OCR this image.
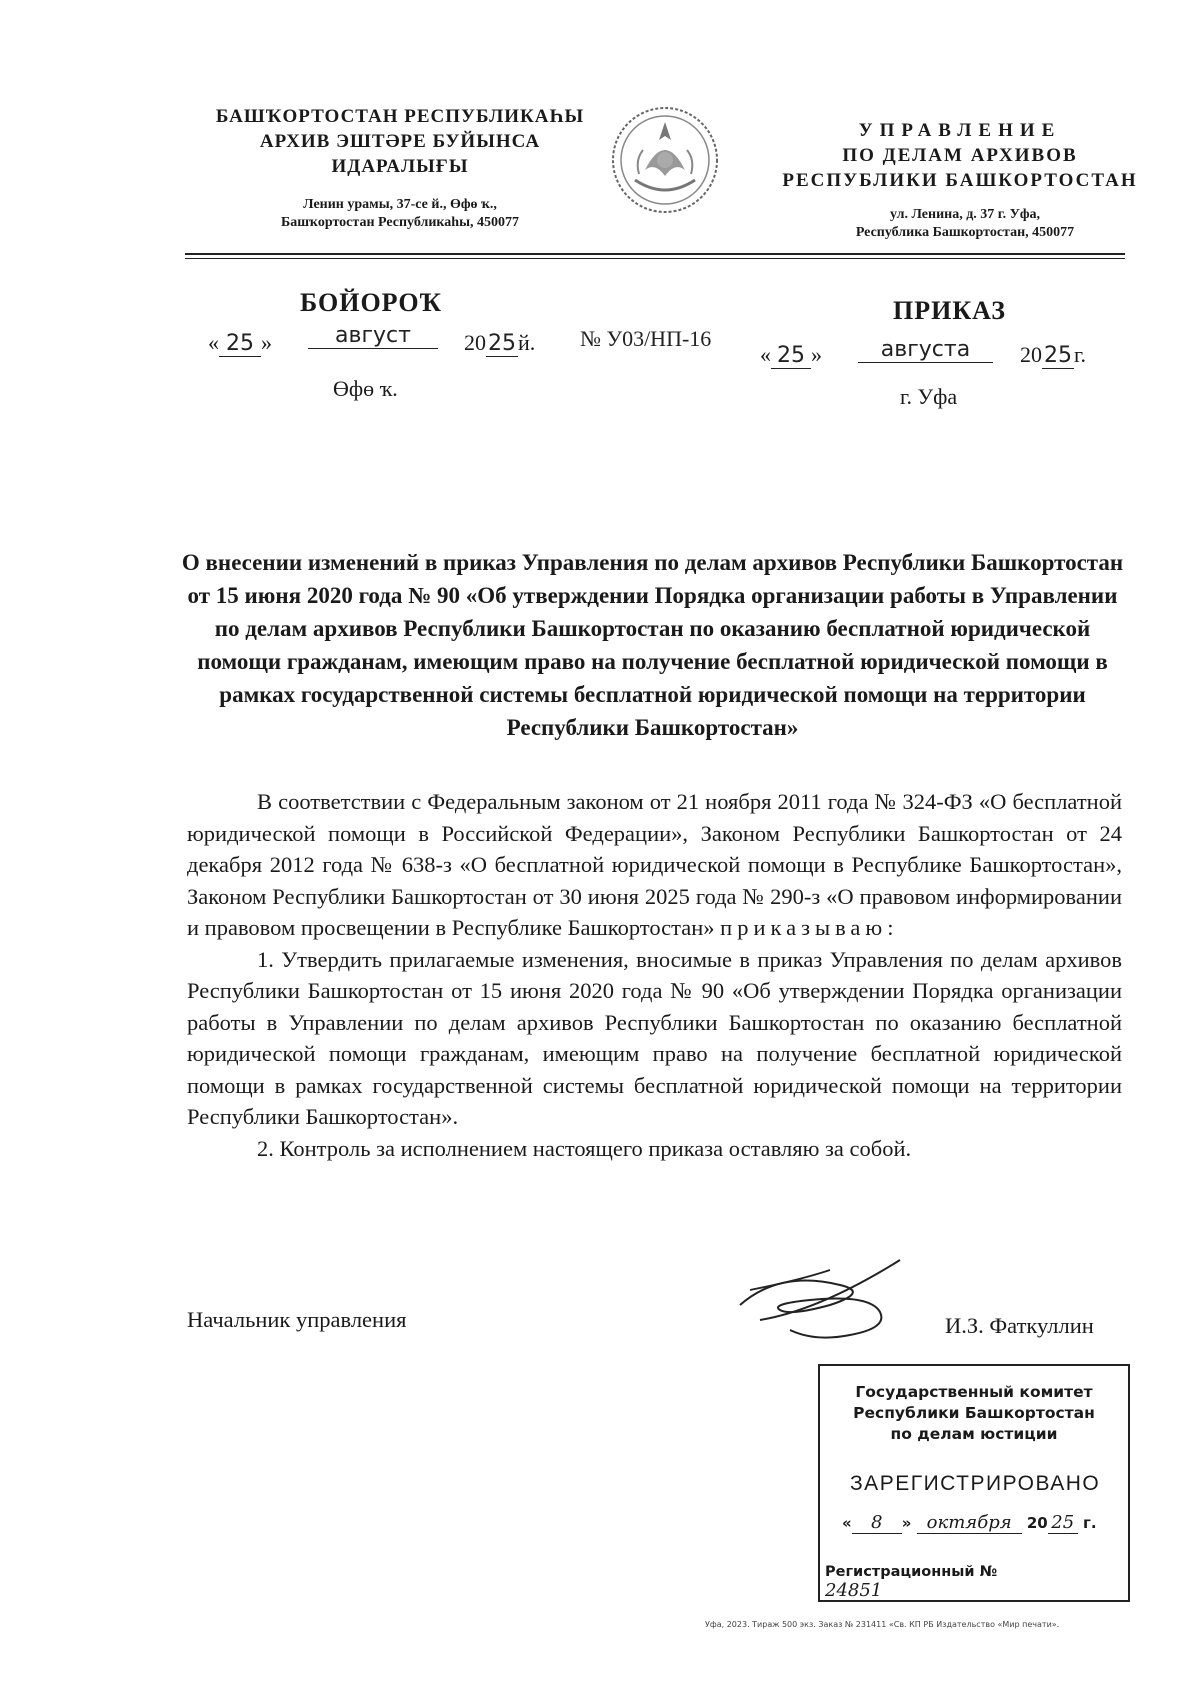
БАШҠОРТОСТАН РЕСПУБЛИКАҺЫ
АРХИВ ЭШТӘРЕ БУЙЫНСА
ИДАРАЛЫҒЫ
Ленин урамы, 37-се й., Өфө ҡ.,
Башҡортостан Республикаһы, 450077
УПРАВЛЕНИЕ
ПО ДЕЛАМ АРХИВОВ
РЕСПУБЛИКИ БАШКОРТОСТАН
ул. Ленина, д. 37 г. Уфа,
Республика Башкортостан, 450077
БОЙОРОҠ
« 25 »	август	2025й.
Өфө ҡ.
№ У03/НП-16
ПРИКАЗ
« 25 »	августа	2025г.
г. Уфа
О внесении изменений в приказ Управления по делам архивов Республики Башкортостан от 15 июня 2020 года № 90 «Об утверждении Порядка организации работы в Управлении по делам архивов Республики Башкортостан по оказанию бесплатной юридической помощи гражданам, имеющим право на получение бесплатной юридической помощи в рамках государственной системы бесплатной юридической помощи на территории Республики Башкортостан»

В соответствии с Федеральным законом от 21 ноября 2011 года № 324-ФЗ «О бесплатной юридической помощи в Российской Федерации», Законом Республики Башкортостан от 24 декабря 2012 года № 638-з «О бесплатной юридической помощи в Республике Башкортостан», Законом Республики Башкортостан от 30 июня 2025 года № 290-з «О правовом информировании и правовом просвещении в Республике Башкортостан» приказываю:

1. Утвердить прилагаемые изменения, вносимые в приказ Управления по делам архивов Республики Башкортостан от 15 июня 2020 года № 90 «Об утверждении Порядка организации работы в Управлении по делам архивов Республики Башкортостан по оказанию бесплатной юридической помощи гражданам, имеющим право на получение бесплатной юридической помощи в рамках государственной системы бесплатной юридической помощи на территории Республики Башкортостан».

2. Контроль за исполнением настоящего приказа оставляю за собой.

Начальник управления	И.З. Фаткуллин
Государственный комитет
Республики Башкортостан
по делам юстиции
ЗАРЕГИСТРИРОВАНО
« 8 » октября 20 25 г.
Регистрационный № 24851
Уфа, 2023. Тираж 500 экз. Заказ № 231411 «Св. КП РБ Издательство «Мир печати».
